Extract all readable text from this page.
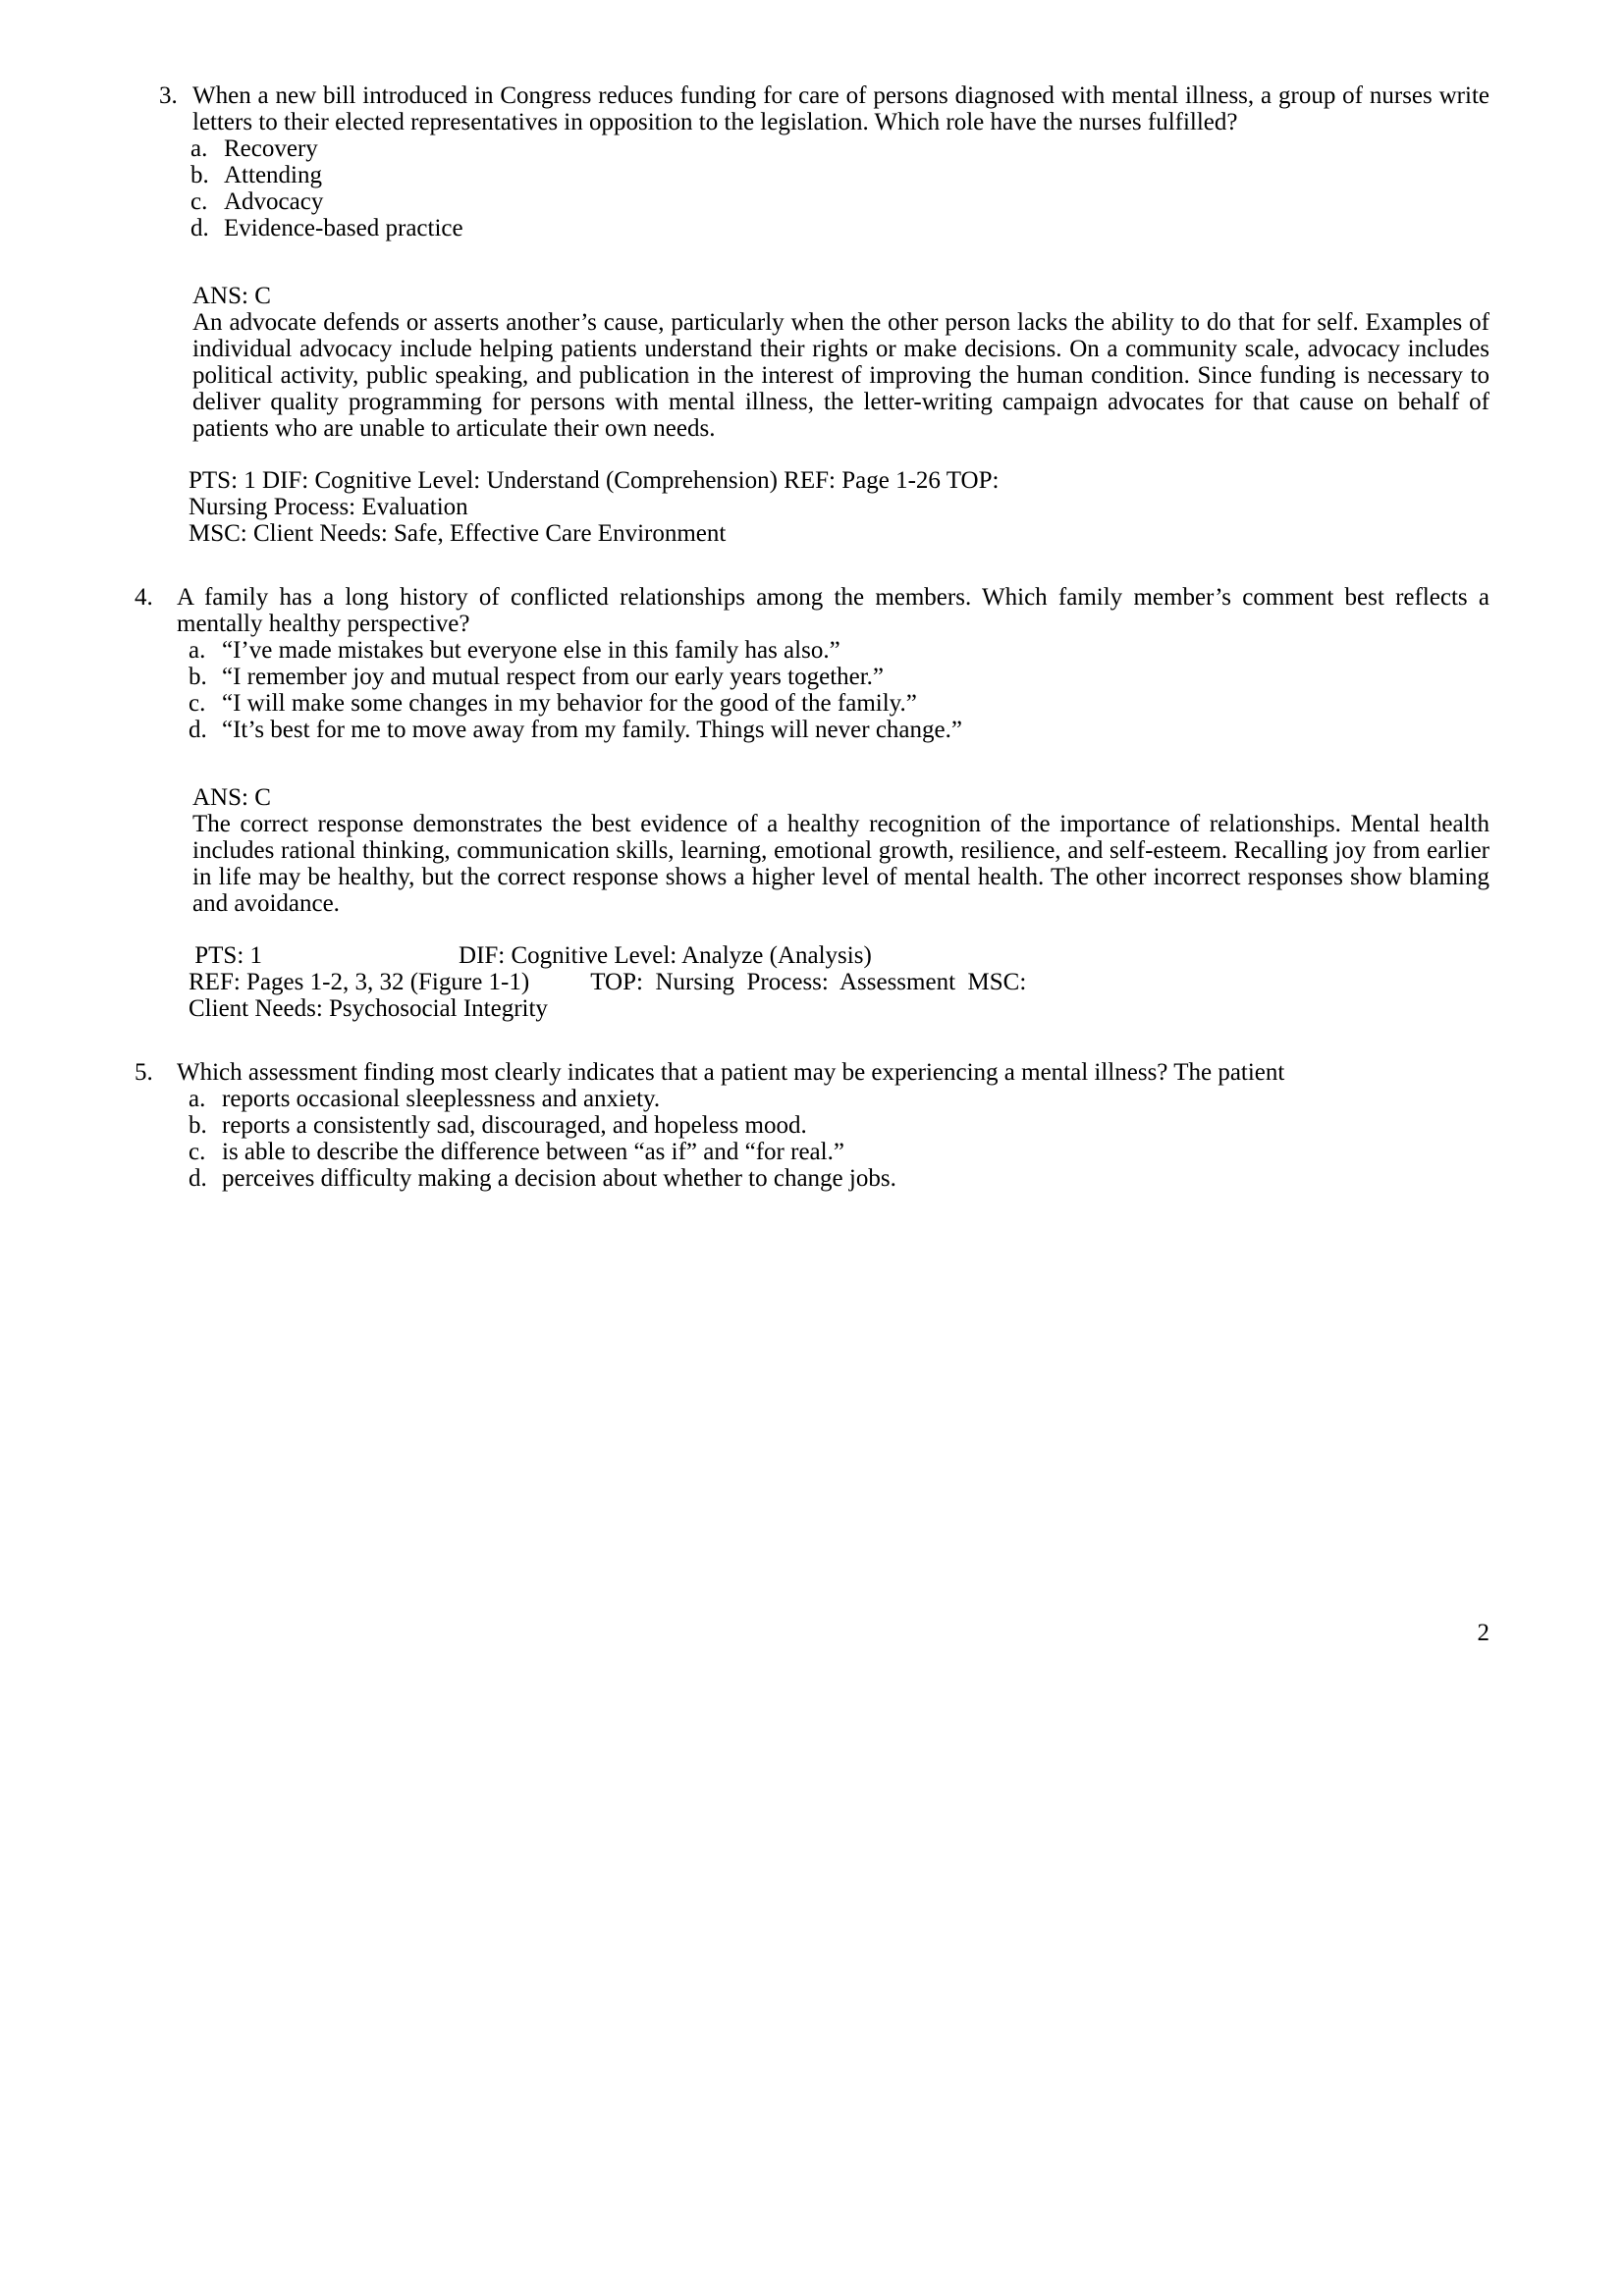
3. When a new bill introduced in Congress reduces funding for care of persons diagnosed with mental illness, a group of nurses write letters to their elected representatives in opposition to the legislation. Which role have the nurses fulfilled?
a. Recovery
b. Attending
c. Advocacy
d. Evidence-based practice
ANS: C
An advocate defends or asserts another’s cause, particularly when the other person lacks the ability to do that for self. Examples of individual advocacy include helping patients understand their rights or make decisions. On a community scale, advocacy includes political activity, public speaking, and publication in the interest of improving the human condition. Since funding is necessary to deliver quality programming for persons with mental illness, the letter-writing campaign advocates for that cause on behalf of patients who are unable to articulate their own needs.
PTS: 1 DIF: Cognitive Level: Understand (Comprehension) REF: Page 1-26 TOP:
Nursing Process: Evaluation
MSC: Client Needs: Safe, Effective Care Environment
4. A family has a long history of conflicted relationships among the members. Which family member’s comment best reflects a mentally healthy perspective?
a. “I’ve made mistakes but everyone else in this family has also.”
b. “I remember joy and mutual respect from our early years together.”
c. “I will make some changes in my behavior for the good of the family.”
d. “It’s best for me to move away from my family. Things will never change.”
ANS: C
The correct response demonstrates the best evidence of a healthy recognition of the importance of relationships. Mental health includes rational thinking, communication skills, learning, emotional growth, resilience, and self-esteem. Recalling joy from earlier in life may be healthy, but the correct response shows a higher level of mental health. The other incorrect responses show blaming and avoidance.
PTS: 1                                DIF: Cognitive Level: Analyze (Analysis)
REF: Pages 1-2, 3, 32 (Figure 1-1)          TOP:  Nursing  Process:  Assessment  MSC:
Client Needs: Psychosocial Integrity
5. Which assessment finding most clearly indicates that a patient may be experiencing a mental illness? The patient
a. reports occasional sleeplessness and anxiety.
b. reports a consistently sad, discouraged, and hopeless mood.
c. is able to describe the difference between “as if” and “for real.”
d. perceives difficulty making a decision about whether to change jobs.
2
